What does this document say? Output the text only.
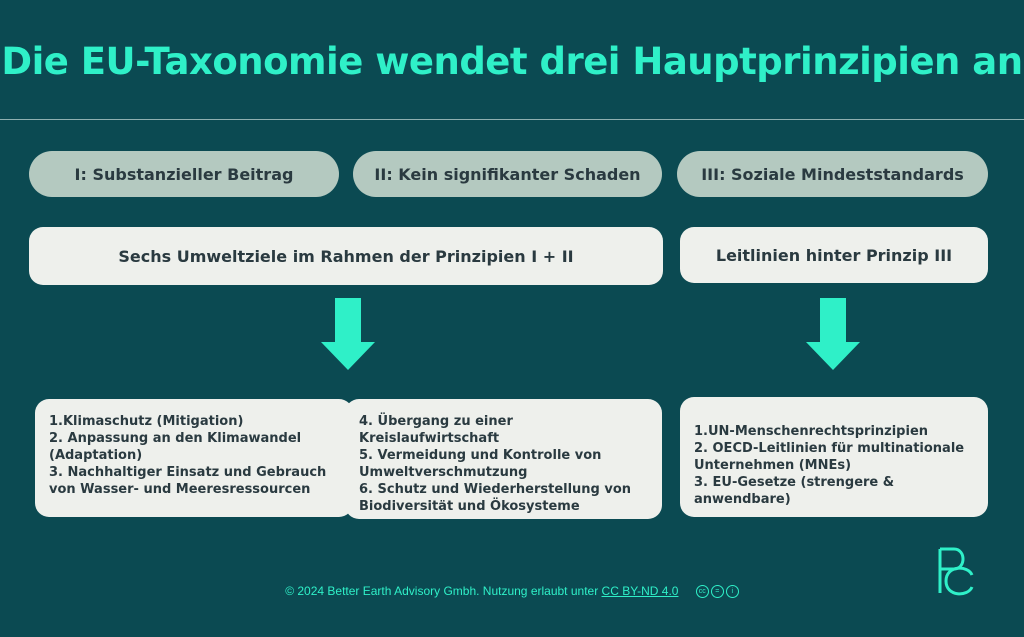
Die EU-Taxonomie wendet drei Hauptprinzipien an
I: Substanzieller Beitrag	II: Kein signifikanter Schaden	III: Soziale Mindeststandards
Sechs Umweltziele im Rahmen der Prinzipien I + II	Leitlinien hinter Prinzip III
1.Klimaschutz (Mitigation)
2. Anpassung an den Klimawandel (Adaptation)
3. Nachhaltiger Einsatz und Gebrauch von Wasser- und Meeresressourcen
4. Übergang zu einer Kreislaufwirtschaft
5. Vermeidung und Kontrolle von Umweltverschmutzung
6. Schutz und Wiederherstellung von Biodiversität und Ökosysteme
1.UN-Menschenrechtsprinzipien
2. OECD-Leitlinien für multinationale Unternehmen (MNEs)
3. EU-Gesetze (strengere & anwendbare)
© 2024 Better Earth Advisory Gmbh. Nutzung erlaubt unter CC BY-ND 4.0	cc = i
